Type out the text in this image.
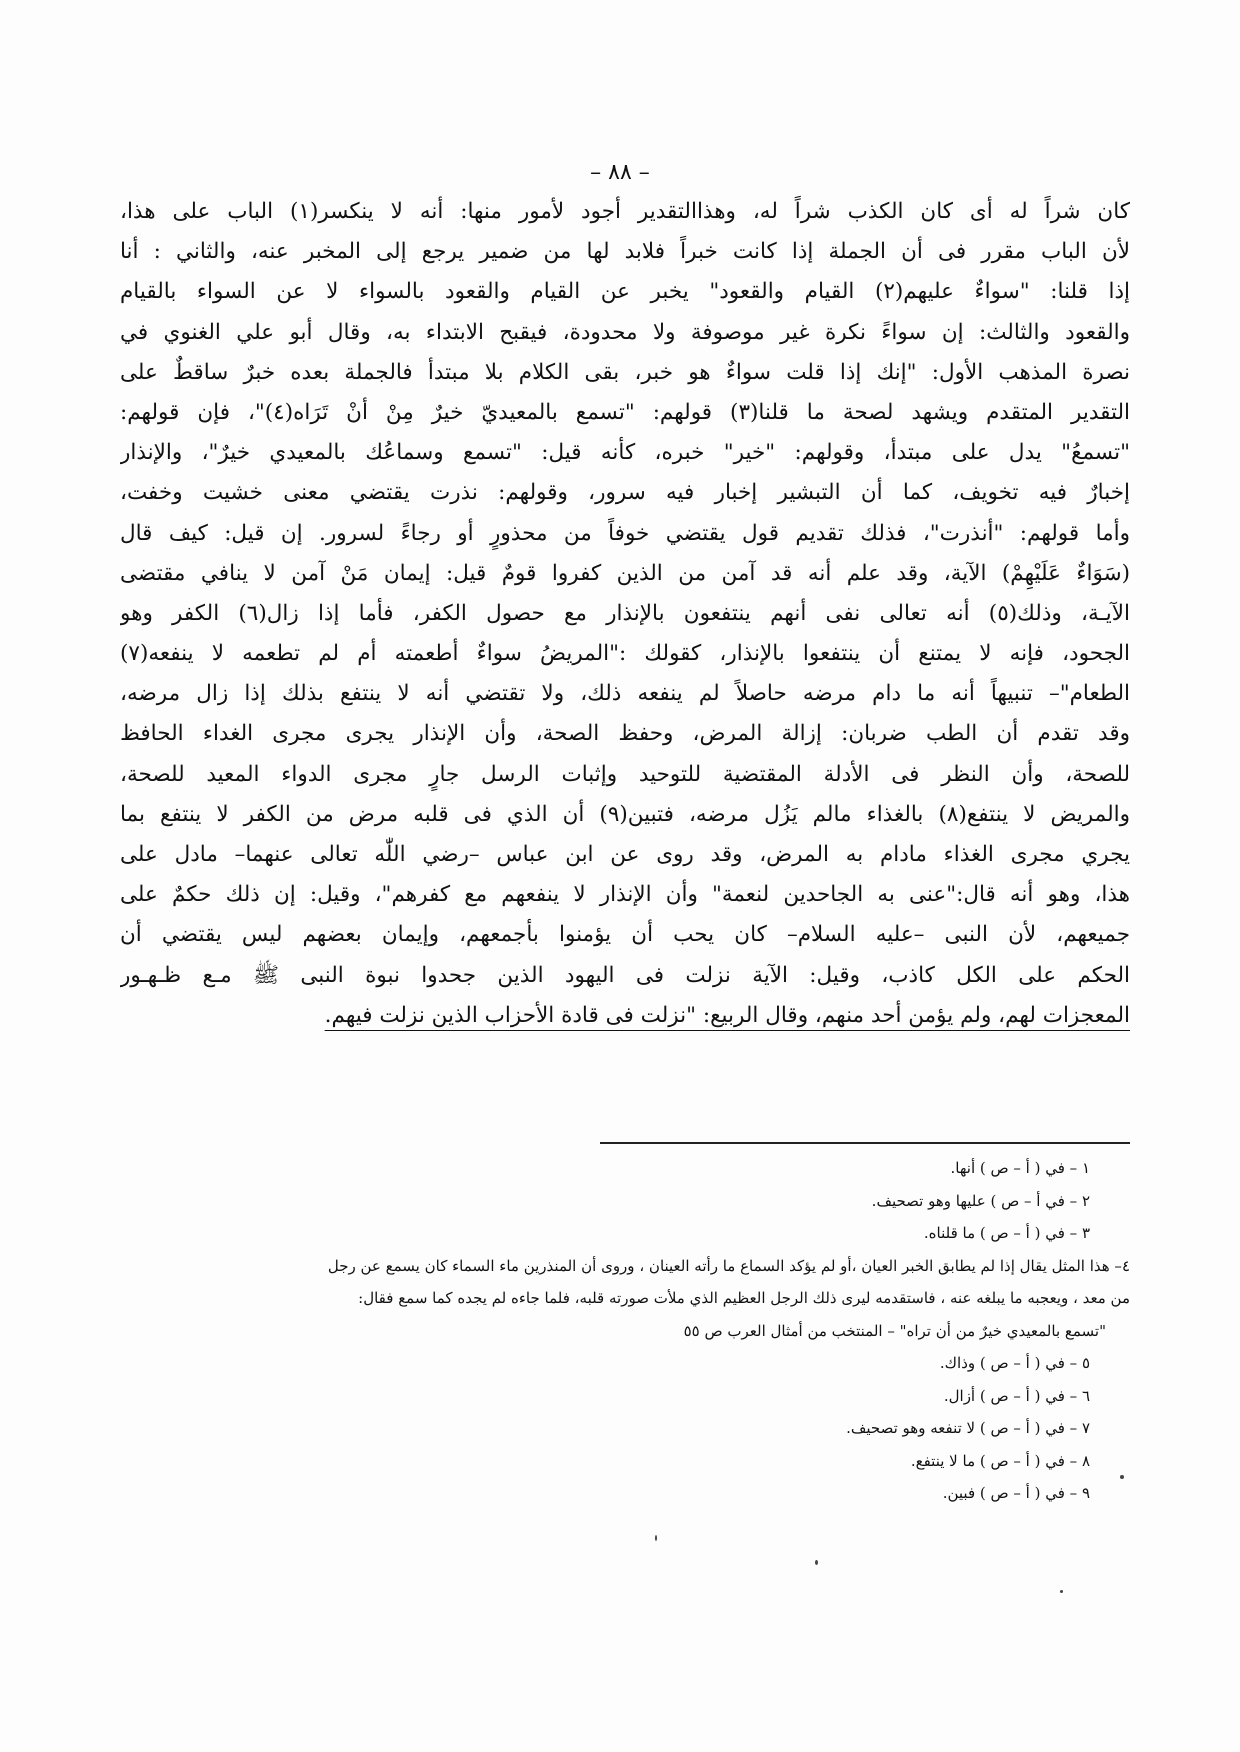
– ٨٨ –
كان شراً له أى كان الكذب شراً له، وهذاالتقدير أجود لأمور منها: أنه لا ينكسر(١) الباب على هذا،
لأن الباب مقرر فى أن الجملة إذا كانت خبراً فلابد لها من ضمير يرجع إلى المخبر عنه، والثاني : أنا
إذا قلنا: "سواءٌ عليهم(٢) القيام والقعود" يخبر عن القيام والقعود بالسواء لا عن السواء بالقيام
والقعود والثالث: إن سواءً نكرة غير موصوفة ولا محدودة، فيقبح الابتداء به، وقال أبو علي الغنوي في
نصرة المذهب الأول: "إنك إذا قلت سواءٌ هو خبر، بقى الكلام بلا مبتدأ فالجملة بعده خبرٌ ساقطٌ على
التقدير المتقدم ويشهد لصحة ما قلنا(٣) قولهم: "تسمع بالمعيديّ خيرٌ مِنْ أنْ تَرَاه(٤)"، فإن قولهم:
"تسمعُ" يدل على مبتدأ، وقولهم: "خير" خبره، كأنه قيل: "تسمع وسماعُك بالمعيدي خيرٌ"، والإنذار
إخبارٌ فيه تخويف، كما أن التبشير إخبار فيه سرور، وقولهم: نذرت يقتضي معنى خشيت وخفت،
وأما قولهم: "أنذرت"، فذلك تقديم قول يقتضي خوفاً من محذورٍ أو رجاءً لسرور. إن قيل: كيف قال
(سَوَاءٌ عَلَيْهِمْ) الآية، وقد علم أنه قد آمن من الذين كفروا قومٌ قيل: إيمان مَنْ آمن لا ينافي مقتضى
الآيـة، وذلك(٥) أنه تعالى نفى أنهم ينتفعون بالإنذار مع حصول الكفر، فأما إذا زال(٦) الكفر وهو
الجحود، فإنه لا يمتنع أن ينتفعوا بالإنذار، كقولك :"المريضُ سواءٌ أطعمته أم لم تطعمه لا ينفعه(٧)
الطعام"– تنبيهاً أنه ما دام مرضه حاصلاً لم ينفعه ذلك، ولا تقتضي أنه لا ينتفع بذلك إذا زال مرضه،
وقد تقدم أن الطب ضربان: إزالة المرض، وحفظ الصحة، وأن الإنذار يجرى مجرى الغداء الحافظ
للصحة، وأن النظر فى الأدلة المقتضية للتوحيد وإثبات الرسل جارٍ مجرى الدواء المعيد للصحة،
والمريض لا ينتفع(٨) بالغذاء مالم يَزُل مرضه، فتبين(٩) أن الذي فى قلبه مرض من الكفر لا ينتفع بما
يجري مجرى الغذاء مادام به المرض، وقد روى عن ابن عباس –رضي اللّٰه تعالى عنهما– مادل على
هذا، وهو أنه قال:"عنى به الجاحدين لنعمة" وأن الإنذار لا ينفعهم مع كفرهم"، وقيل: إن ذلك حكمٌ على
جميعهم، لأن النبى –عليه السلام– كان يحب أن يؤمنوا بأجمعهم، وإيمان بعضهم ليس يقتضي أن
الحكم على الكل كاذب، وقيل: الآية نزلت فى اليهود الذين جحدوا نبوة النبى ﷺ مـع ظـهـور
المعجزات لهم، ولم يؤمن أحد منهم، وقال الربيع: "نزلت فى قادة الأحزاب الذين نزلت فيهم.
١ – في ( أ – ص ) أنها.
٢ – في أ – ص ) عليها وهو تصحيف.
٣ – في ( أ – ص ) ما قلناه.
٤– هذا المثل يقال إذا لم يطابق الخبر العيان ،أو لم يؤكد السماع ما رأته العينان ، وروى أن المنذرين ماء السماء كان يسمع عن رجل
من معد ، ويعجبه ما يبلغه عنه ، فاستقدمه ليرى ذلك الرجل العظيم الذي ملأت صورته قلبه، فلما جاءه لم يجده كما سمع فقال:
"تسمع بالمعيدي خيرٌ من أن تراه" – المنتخب من أمثال العرب ص ٥٥
٥ – في ( أ – ص ) وذاك.
٦ – في ( أ – ص ) أزال.
٧ – في ( أ – ص ) لا تنفعه وهو تصحيف.
٨ – في ( أ – ص ) ما لا ينتفع.
٩ – في ( أ – ص ) فبين.
